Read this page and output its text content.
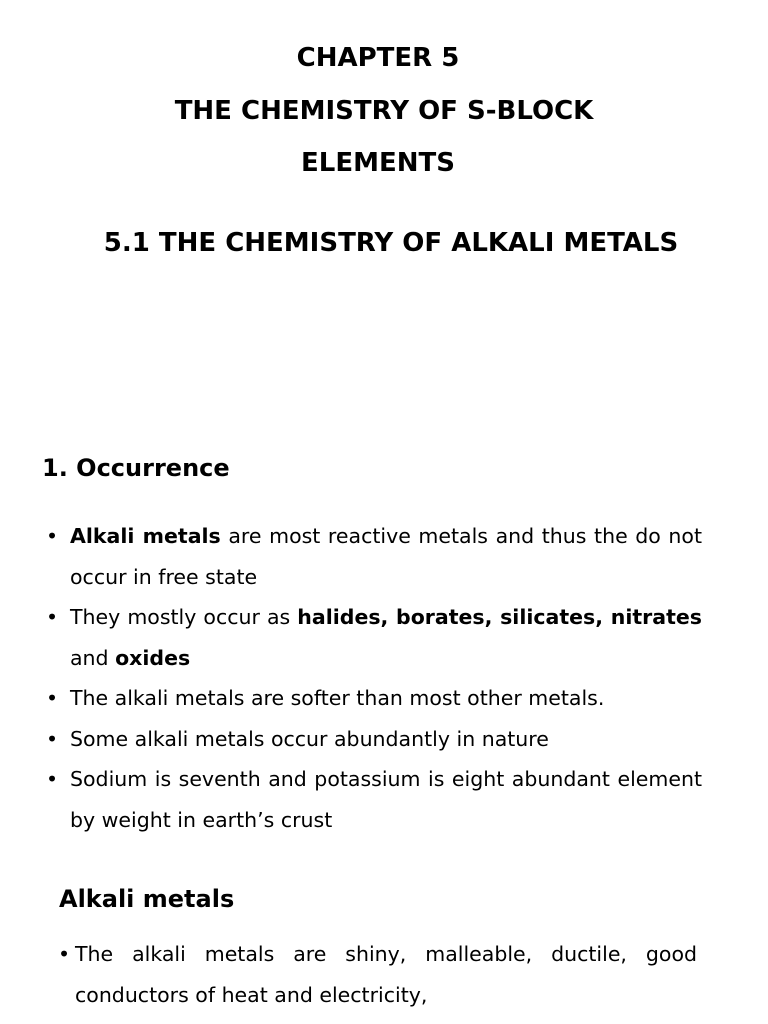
CHAPTER 5
THE CHEMISTRY OF S-BLOCK
ELEMENTS
5.1 THE CHEMISTRY OF ALKALI METALS
1. Occurrence
• Alkali metals are most reactive metals and thus the do not occur in free state
• They mostly occur as halides, borates, silicates, nitrates and oxides
• The alkali metals are softer than most other metals.
• Some alkali metals occur abundantly in nature
• Sodium is seventh and potassium is eight abundant element by weight in earth’s crust
Alkali metals
• The alkali metals are shiny, malleable, ductile, good conductors of heat and electricity,
